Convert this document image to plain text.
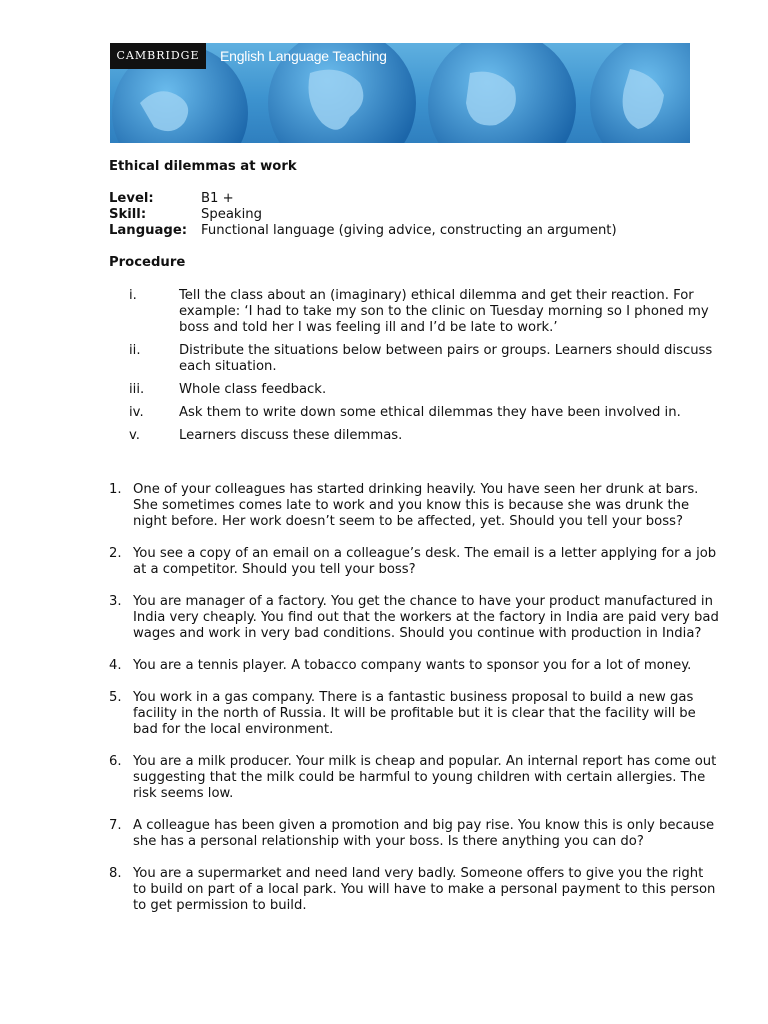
CAMBRIDGE	English Language Teaching
Ethical dilemmas at work
Level:	B1 +
Skill:	Speaking
Language:	Functional language (giving advice, constructing an argument)
Procedure
i.	Tell the class about an (imaginary) ethical dilemma and get their reaction. For example: ‘I had to take my son to the clinic on Tuesday morning so I phoned my boss and told her I was feeling ill and I’d be late to work.’
ii.	Distribute the situations below between pairs or groups. Learners should discuss each situation.
iii.	Whole class feedback.
iv.	Ask them to write down some ethical dilemmas they have been involved in.
v.	Learners discuss these dilemmas.
1. One of your colleagues has started drinking heavily. You have seen her drunk at bars. She sometimes comes late to work and you know this is because she was drunk the night before. Her work doesn’t seem to be affected, yet. Should you tell your boss?
2. You see a copy of an email on a colleague’s desk. The email is a letter applying for a job at a competitor. Should you tell your boss?
3. You are manager of a factory. You get the chance to have your product manufactured in India very cheaply. You find out that the workers at the factory in India are paid very bad wages and work in very bad conditions. Should you continue with production in India?
4. You are a tennis player. A tobacco company wants to sponsor you for a lot of money.
5. You work in a gas company. There is a fantastic business proposal to build a new gas facility in the north of Russia. It will be profitable but it is clear that the facility will be bad for the local environment.
6. You are a milk producer. Your milk is cheap and popular. An internal report has come out suggesting that the milk could be harmful to young children with certain allergies. The risk seems low.
7. A colleague has been given a promotion and big pay rise. You know this is only because she has a personal relationship with your boss. Is there anything you can do?
8. You are a supermarket and need land very badly. Someone offers to give you the right to build on part of a local park. You will have to make a personal payment to this person to get permission to build.
